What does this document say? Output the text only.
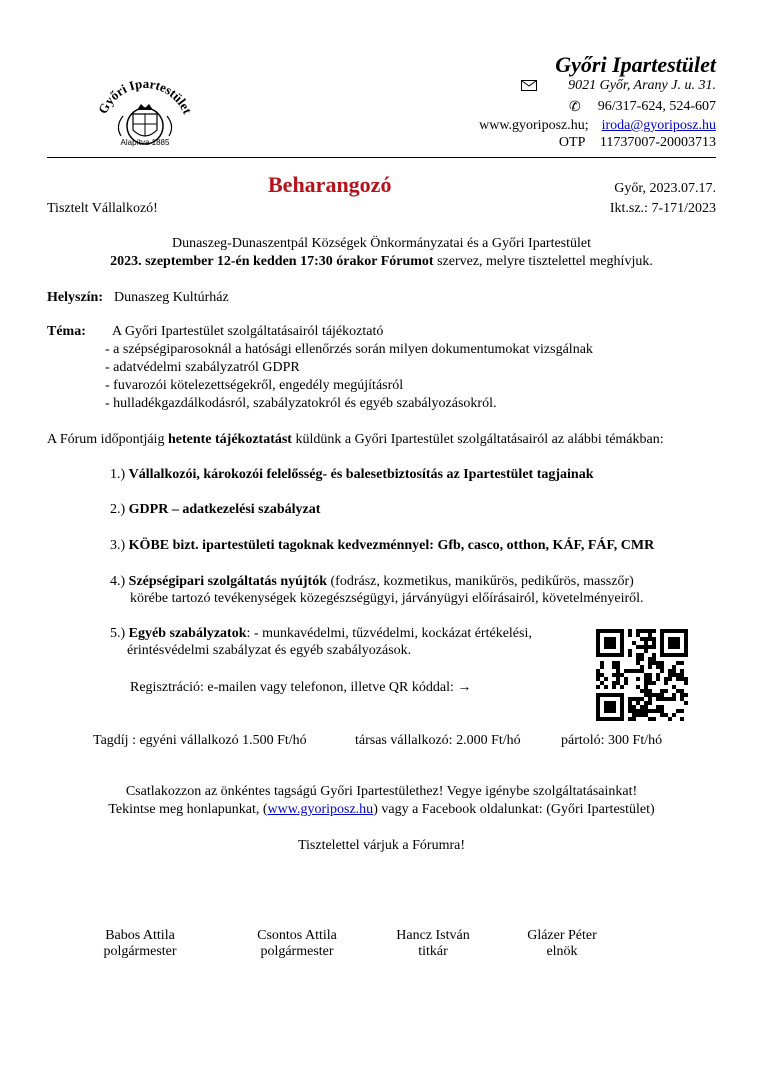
Győri Ipartestület
Alapítva 1885
Győri Ipartestület
9021 Győr, Arany J. u. 31.
✆ 96/317-624, 524-607
www.gyoriposz.hu; iroda@gyoriposz.hu
OTP 11737007-20003713
Beharangozó	Győr, 2023.07.17.
Tisztelt Vállalkozó!	Ikt.sz.: 7-171/2023
Dunaszeg-Dunaszentpál Községek Önkormányzatai és a Győri Ipartestület
2023. szeptember 12-én kedden 17:30 órakor Fórumot szervez, melyre tisztelettel meghívjuk.
Helyszín: Dunaszeg Kultúrház
Téma: A Győri Ipartestület szolgáltatásairól tájékoztató
- a szépségiparosoknál a hatósági ellenőrzés során milyen dokumentumokat vizsgálnak
- adatvédelmi szabályzatról GDPR
- fuvarozói kötelezettségekről, engedély megújításról
- hulladékgazdálkodásról, szabályzatokról és egyéb szabályozásokról.
A Fórum időpontjáig hetente tájékoztatást küldünk a Győri Ipartestület szolgáltatásairól az alábbi témákban:
1.) Vállalkozói, károkozói felelősség- és balesetbiztosítás az Ipartestület tagjainak
2.) GDPR – adatkezelési szabályzat
3.) KÖBE bizt. ipartestületi tagoknak kedvezménnyel: Gfb, casco, otthon, KÁF, FÁF, CMR
4.) Szépségipari szolgáltatás nyújtók (fodrász, kozmetikus, manikűrös, pedikűrös, masszőr)
körébe tartozó tevékenységek közegészségügyi, járványügyi előírásairól, követelményeiről.
5.) Egyéb szabályzatok: - munkavédelmi, tűzvédelmi, kockázat értékelési,
érintésvédelmi szabályzat és egyéb szabályozások.
Regisztráció: e-mailen vagy telefonon, illetve QR kóddal: →
Tagdíj : egyéni vállalkozó 1.500 Ft/hó	társas vállalkozó: 2.000 Ft/hó	pártoló: 300 Ft/hó
Csatlakozzon az önkéntes tagságú Győri Ipartestülethez! Vegye igénybe szolgáltatásainkat!
Tekintse meg honlapunkat, (www.gyoriposz.hu) vagy a Facebook oldalunkat: (Győri Ipartestület)
Tisztelettel várjuk a Fórumra!
Babos Attila
polgármester
Csontos Attila
polgármester
Hancz István
titkár
Glázer Péter
elnök
